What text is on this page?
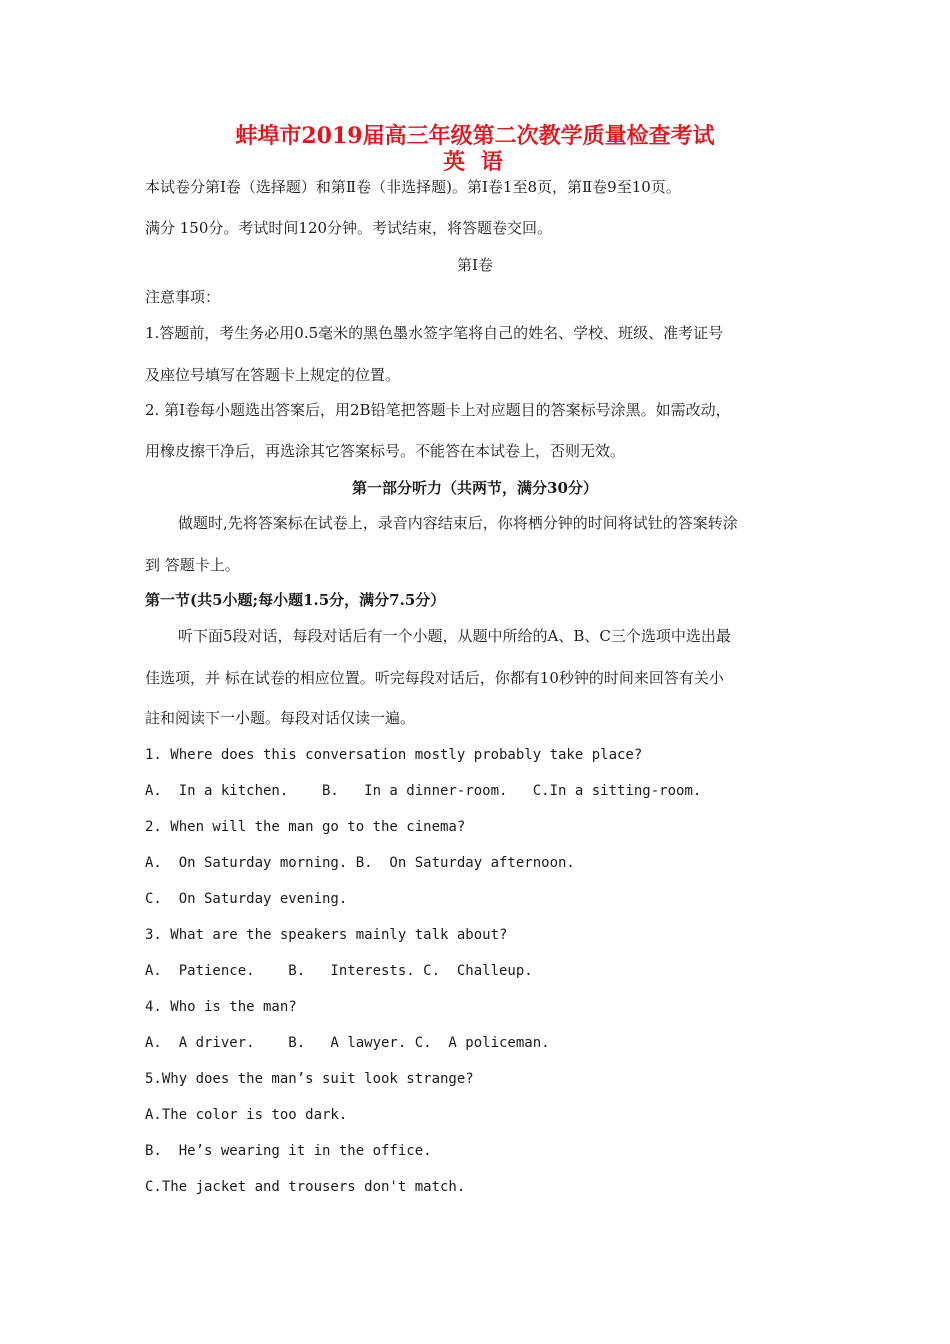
蚌埠市2019届高三年级第二次教学质量检查考试
英 语
本试卷分第Ⅰ卷（选择题）和第Ⅱ卷（非选择题)。第Ⅰ卷1至8页，第Ⅱ卷9至10页。
满分 150分。考试时间120分钟。考试结束，将答题卷交回。
第Ⅰ卷
注意事项：
1.答题前，考生务必用0.5毫米的黑色墨水签字笔将自己的姓名、学校、班级、准考证号
及座位号填写在答题卡上规定的位置。
2. 第Ⅰ卷每小题选出答案后，用2B铅笔把答题卡上对应题目的答案标号涂黑。如需改动，
用橡皮擦干净后，再选涂其它答案标号。不能答在本试卷上，否则无效。
第一部分听力（共两节，满分30分）
做题时,先将答案标在试卷上，录音内容结束后，你将栖分钟的时间将试钍的答案转涂
到 答题卡上。
第一节(共5小题;每小题1.5分，满分7.5分）
听下面5段对话，每段对话后有一个小题，从题中所给的A、B、C三个选项中选出最
佳选项，并 标在试卷的相应位置。听完每段对话后，你都有10秒钟的时间来回答有关小
註和阅读下一小题。每段对话仅读一遍。
1. Where does this conversation mostly probably take place?
A.  In a kitchen.    B.   In a dinner-room.   C.In a sitting-room.
2. When will the man go to the cinema?
A.  On Saturday morning. B.  On Saturday afternoon.
C.  On Saturday evening.
3. What are the speakers mainly talk about?
A.  Patience.    B.   Interests. C.  Challeup.
4. Who is the man?
A.  A driver.    B.   A lawyer. C.  A policeman.
5.Why does the man’s suit look strange?
A.The color is too dark.
B.  He’s wearing it in the office.
C.The jacket and trousers don't match.
